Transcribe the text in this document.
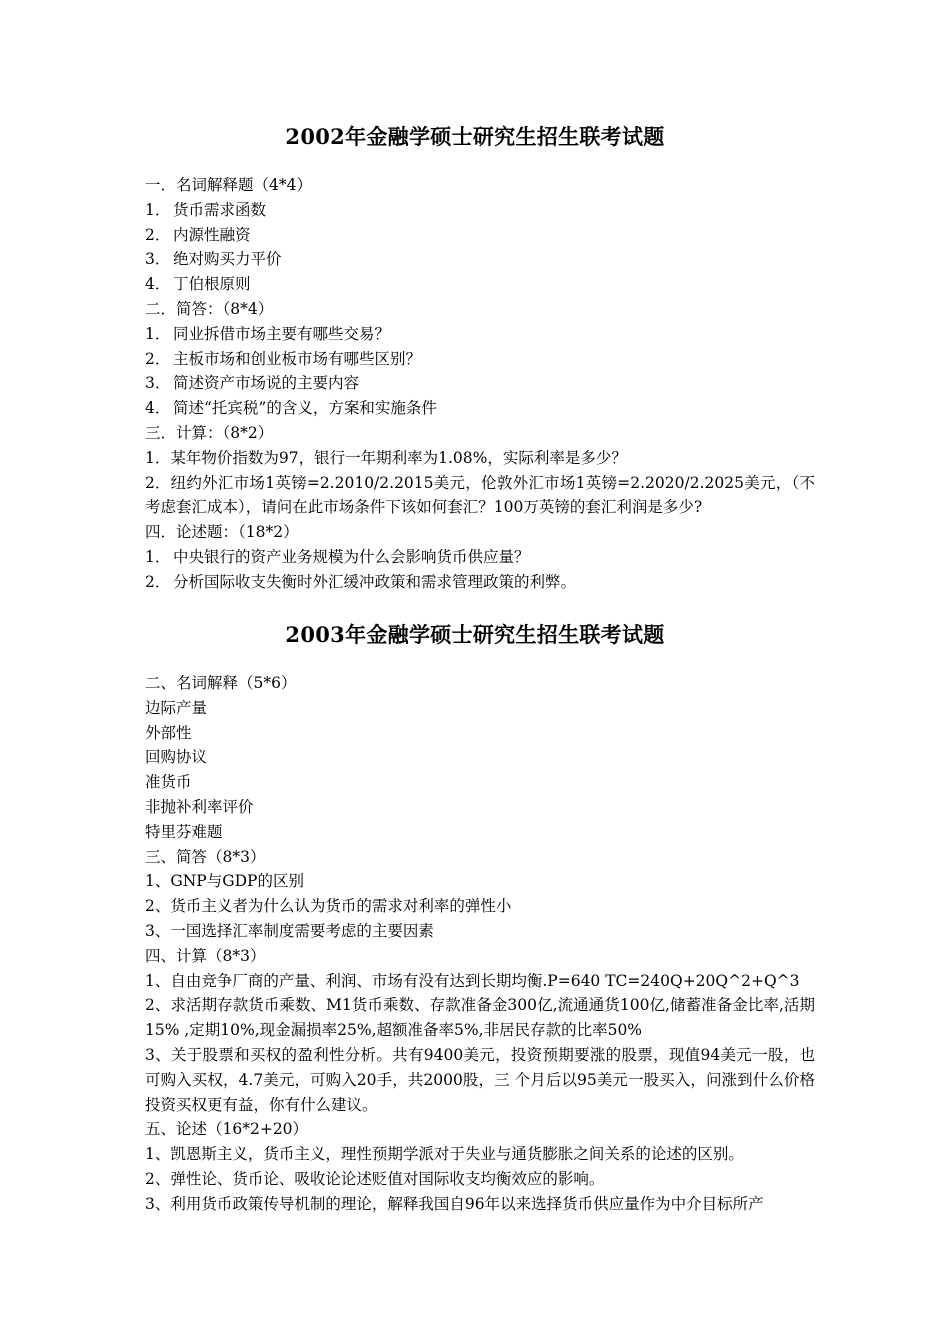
2002年金融学硕士研究生招生联考试题
一．名词解释题（4*4）
1． 货币需求函数
2． 内源性融资
3． 绝对购买力平价
4． 丁伯根原则
二．简答：（8*4）
1． 同业拆借市场主要有哪些交易？
2． 主板市场和创业板市场有哪些区别？
3． 简述资产市场说的主要内容
4． 简述“托宾税”的含义，方案和实施条件
三．计算：（8*2）
1．某年物价指数为97，银行一年期利率为1.08%，实际利率是多少？
2．纽约外汇市场1英镑=2.2010/2.2015美元，伦敦外汇市场1英镑=2.2020/2.2025美元，（不考虑套汇成本），请问在此市场条件下该如何套汇？100万英镑的套汇利润是多少?
四．论述题：（18*2）
1． 中央银行的资产业务规模为什么会影响货币供应量？
2． 分析国际收支失衡时外汇缓冲政策和需求管理政策的利弊。
2003年金融学硕士研究生招生联考试题
二、名词解释（5*6）
边际产量
外部性
回购协议
准货币
非抛补利率评价
特里芬难题
三、简答（8*3）
1、GNP与GDP的区别
2、货币主义者为什么认为货币的需求对利率的弹性小
3、一国选择汇率制度需要考虑的主要因素
四、计算（8*3）
1、自由竞争厂商的产量、利润、市场有没有达到长期均衡.P=640 TC=240Q+20Q^2+Q^3
2、求活期存款货币乘数、M1货币乘数、存款准备金300亿,流通通货100亿,储蓄准备金比率,活期15% ,定期10%,现金漏损率25%,超额准备率5%,非居民存款的比率50%
3、关于股票和买权的盈利性分析。共有9400美元，投资预期要涨的股票，现值94美元一股，也可购入买权，4.7美元，可购入20手，共2000股，三 个月后以95美元一股买入，问涨到什么价格投资买权更有益，你有什么建议。
五、论述（16*2+20）
1、凯恩斯主义，货币主义，理性预期学派对于失业与通货膨胀之间关系的论述的区别。
2、弹性论、货币论、吸收论论述贬值对国际收支均衡效应的影响。
3、利用货币政策传导机制的理论，解释我国自96年以来选择货币供应量作为中介目标所产
